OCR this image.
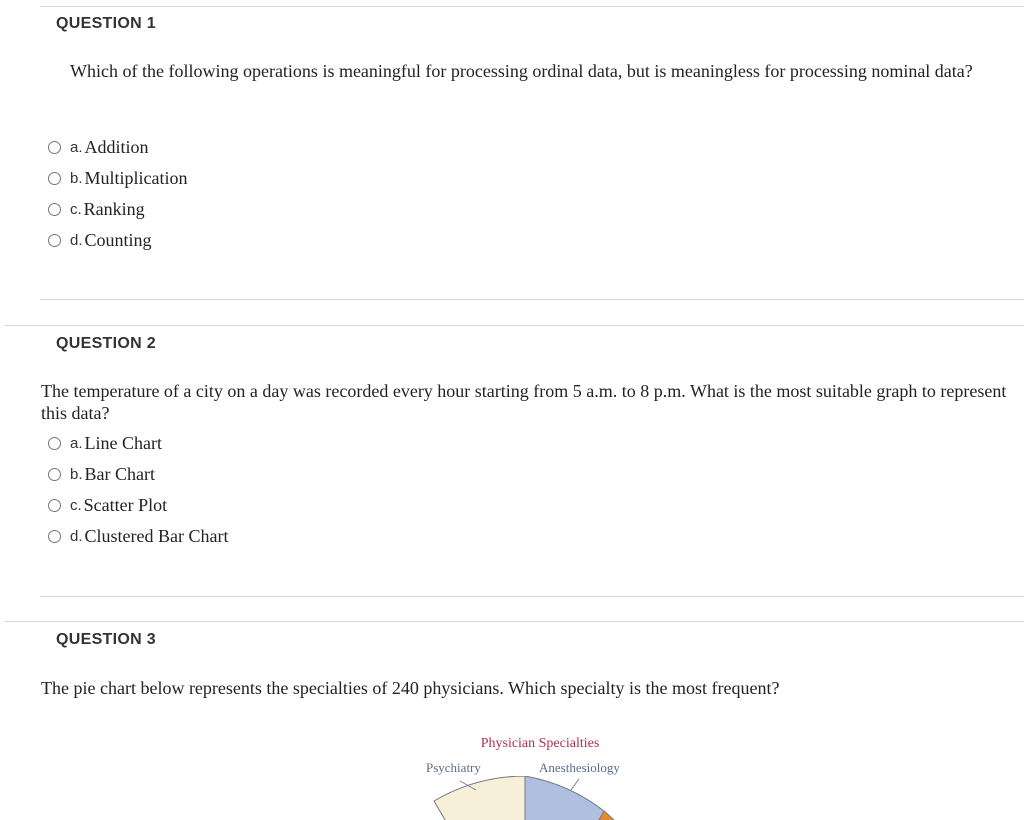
QUESTION 1
Which of the following operations is meaningful for processing ordinal data, but is meaningless for processing nominal data?
a. Addition
b. Multiplication
c. Ranking
d. Counting
QUESTION 2
The temperature of a city on a day was recorded every hour starting from 5 a.m. to 8 p.m. What is the most suitable graph to represent this data?
a. Line Chart
b. Bar Chart
c. Scatter Plot
d. Clustered Bar Chart
QUESTION 3
The pie chart below represents the specialties of 240 physicians. Which specialty is the most frequent?
Physician Specialties
Psychiatry	Anesthesiology
